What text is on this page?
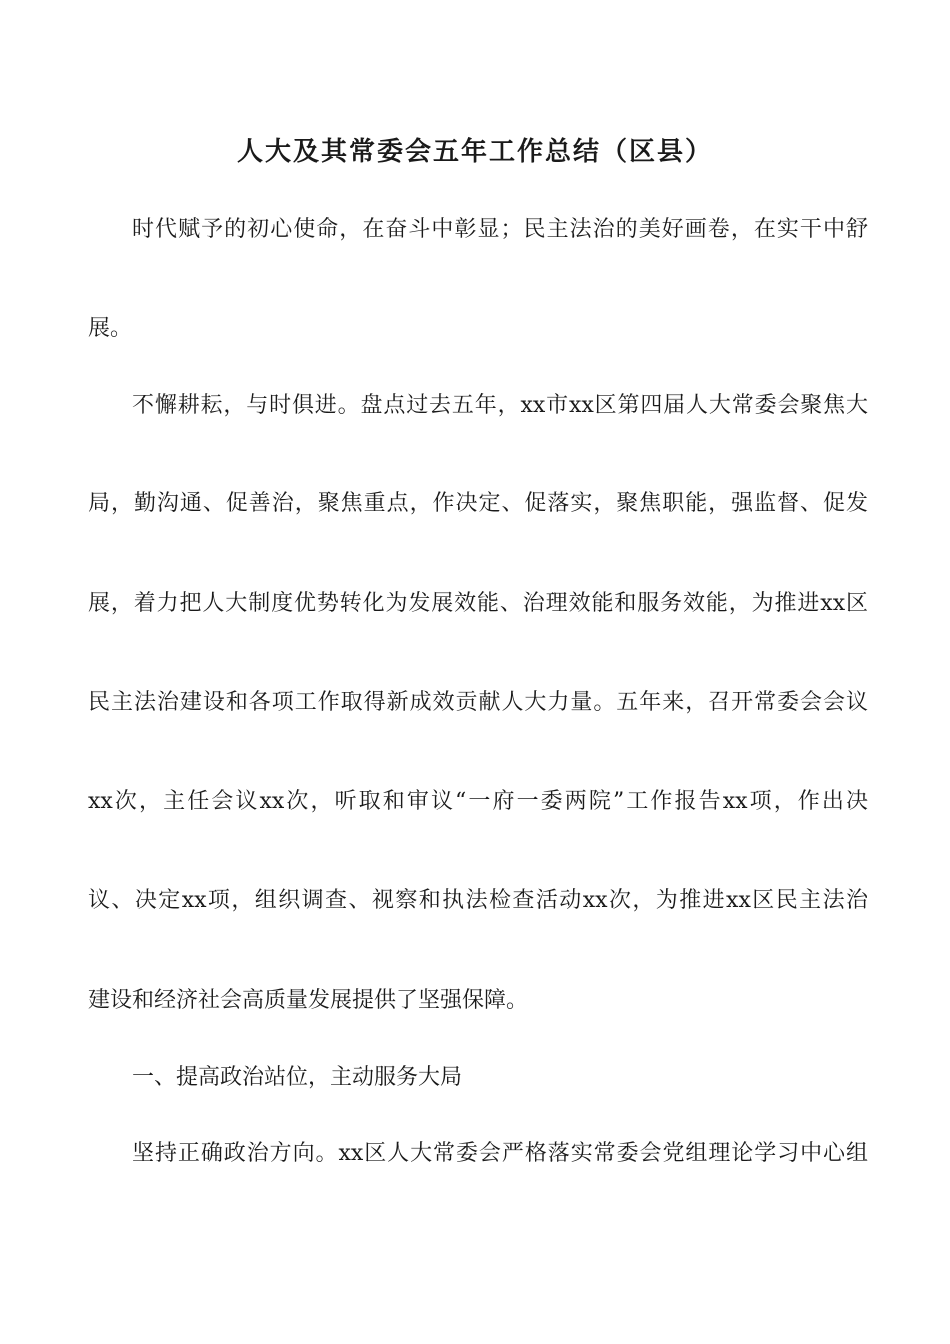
人大及其常委会五年工作总结（区县）
时代赋予的初心使命，在奋斗中彰显；民主法治的美好画卷，在实干中舒
展。
不懈耕耘，与时俱进。盘点过去五年，xx市xx区第四届人大常委会聚焦大
局，勤沟通、促善治，聚焦重点，作决定、促落实，聚焦职能，强监督、促发
展，着力把人大制度优势转化为发展效能、治理效能和服务效能，为推进xx区
民主法治建设和各项工作取得新成效贡献人大力量。五年来，召开常委会会议
xx次，主任会议xx次，听取和审议“一府一委两院”工作报告xx项，作出决
议、决定xx项，组织调查、视察和执法检查活动xx次，为推进xx区民主法治
建设和经济社会高质量发展提供了坚强保障。
一、提高政治站位，主动服务大局
坚持正确政治方向。xx区人大常委会严格落实常委会党组理论学习中心组
